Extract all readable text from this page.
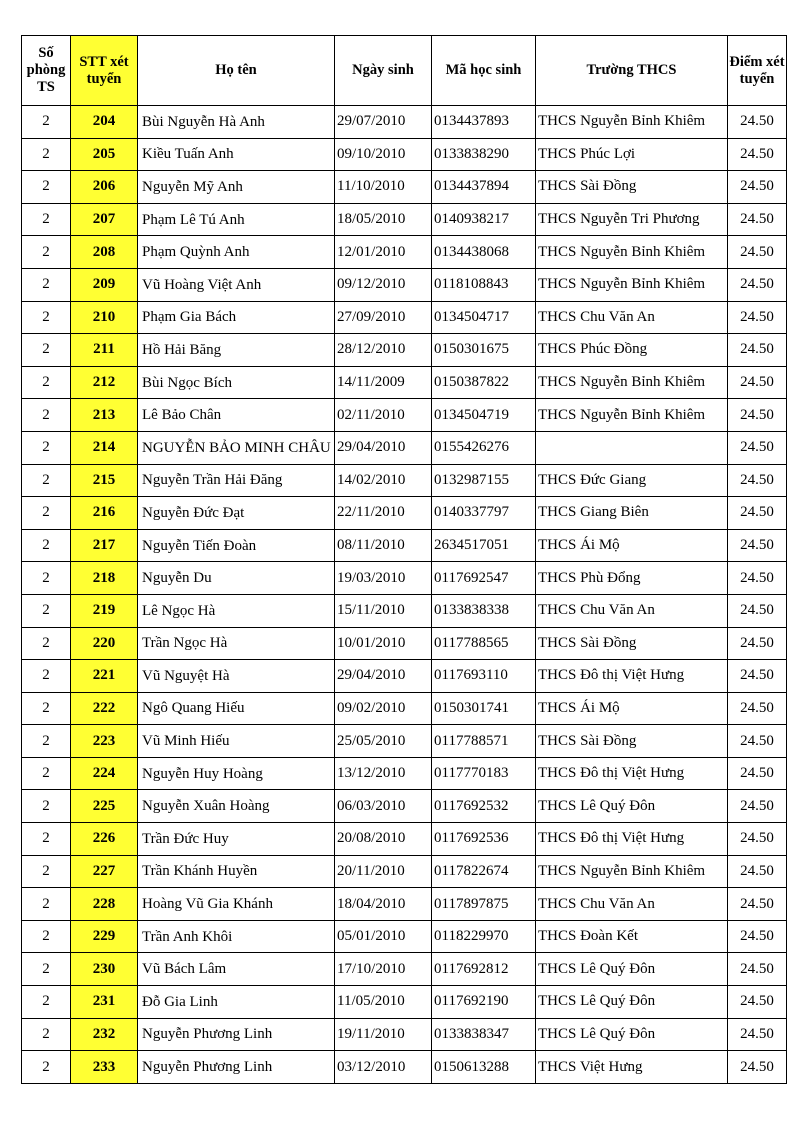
Số phòng TS	STT xét tuyển	Họ tên	Ngày sinh	Mã học sinh	Trường THCS	Điểm xét tuyển
2	204	Bùi Nguyễn Hà Anh	29/07/2010	0134437893	THCS Nguyễn Bỉnh Khiêm	24.50
2	205	Kiều Tuấn Anh	09/10/2010	0133838290	THCS Phúc Lợi	24.50
2	206	Nguyễn Mỹ Anh	11/10/2010	0134437894	THCS Sài Đồng	24.50
2	207	Phạm Lê Tú Anh	18/05/2010	0140938217	THCS Nguyễn Tri Phương	24.50
2	208	Phạm Quỳnh Anh	12/01/2010	0134438068	THCS Nguyễn Bỉnh Khiêm	24.50
2	209	Vũ Hoàng Việt Anh	09/12/2010	0118108843	THCS Nguyễn Bỉnh Khiêm	24.50
2	210	Phạm Gia Bách	27/09/2010	0134504717	THCS Chu Văn An	24.50
2	211	Hồ Hải Băng	28/12/2010	0150301675	THCS Phúc Đồng	24.50
2	212	Bùi Ngọc Bích	14/11/2009	0150387822	THCS Nguyễn Bỉnh Khiêm	24.50
2	213	Lê Bảo Chân	02/11/2010	0134504719	THCS Nguyễn Bỉnh Khiêm	24.50
2	214	NGUYỄN BẢO MINH CHÂU	29/04/2010	0155426276		24.50
2	215	Nguyễn Trần Hải Đăng	14/02/2010	0132987155	THCS Đức Giang	24.50
2	216	Nguyễn Đức Đạt	22/11/2010	0140337797	THCS Giang Biên	24.50
2	217	Nguyễn Tiến Đoàn	08/11/2010	2634517051	THCS Ái Mộ	24.50
2	218	Nguyễn Du	19/03/2010	0117692547	THCS Phù Đổng	24.50
2	219	Lê Ngọc Hà	15/11/2010	0133838338	THCS Chu Văn An	24.50
2	220	Trần Ngọc Hà	10/01/2010	0117788565	THCS Sài Đồng	24.50
2	221	Vũ Nguyệt Hà	29/04/2010	0117693110	THCS Đô thị Việt Hưng	24.50
2	222	Ngô Quang Hiếu	09/02/2010	0150301741	THCS Ái Mộ	24.50
2	223	Vũ Minh Hiếu	25/05/2010	0117788571	THCS Sài Đồng	24.50
2	224	Nguyễn Huy Hoàng	13/12/2010	0117770183	THCS Đô thị Việt Hưng	24.50
2	225	Nguyễn Xuân Hoàng	06/03/2010	0117692532	THCS Lê Quý Đôn	24.50
2	226	Trần Đức Huy	20/08/2010	0117692536	THCS Đô thị Việt Hưng	24.50
2	227	Trần Khánh Huyền	20/11/2010	0117822674	THCS Nguyễn Bỉnh Khiêm	24.50
2	228	Hoàng Vũ Gia Khánh	18/04/2010	0117897875	THCS Chu Văn An	24.50
2	229	Trần Anh Khôi	05/01/2010	0118229970	THCS Đoàn Kết	24.50
2	230	Vũ Bách Lâm	17/10/2010	0117692812	THCS Lê Quý Đôn	24.50
2	231	Đỗ Gia Linh	11/05/2010	0117692190	THCS Lê Quý Đôn	24.50
2	232	Nguyễn Phương Linh	19/11/2010	0133838347	THCS Lê Quý Đôn	24.50
2	233	Nguyễn Phương Linh	03/12/2010	0150613288	THCS Việt Hưng	24.50
